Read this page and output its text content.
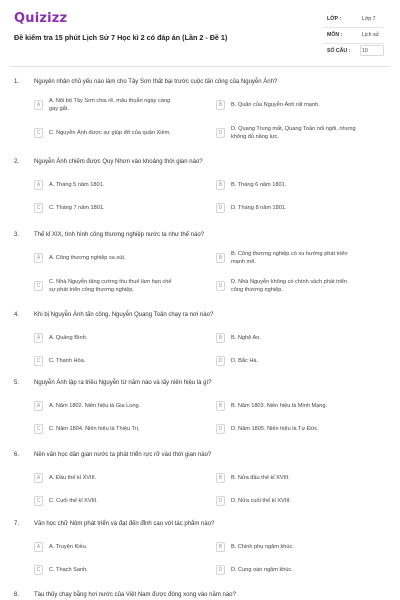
Quizizz
Đề kiểm tra 15 phút Lịch Sử 7 Học kì 2 có đáp án (Lần 2 - Đề 1)
LỚP :	Lớp 7
MÔN :	Lịch sử
SỐ CÂU : 10
1. Nguyên nhân chủ yếu nào làm cho Tây Sơn thất bại trước cuộc tấn công của Nguyễn Ánh?
A
A. Nội bộ Tây Sơn chia rẽ, mâu thuẫn ngày càng
gay gắt.
B	B. Quân của Nguyễn Ánh rất mạnh.
C	C. Nguyễn Ánh được sự giúp đỡ của quân Xiêm.	D
D. Quang Trung mất, Quang Toản nối ngôi, nhưng
không đủ năng lực.
2. Nguyễn Ánh chiếm được Quy Nhơn vào khoảng thời gian nào?
A	A. Tháng 5 năm 1801.	B	B. Tháng 6 năm 1801.
C	C. Tháng 7 năm 1801.	D	D. Tháng 8 năm 1801.
3. Thế kỉ XIX, tình hình công thương nghiệp nước ta như thế nào?
A	A. Công thương nghiệp sa sút.	B
B. Công thương nghiệp có xu hướng phát triển
mạnh mẽ.
C
C. Nhà Nguyễn tăng cường thu thuế làm hạn chế
sự phát triển công thương nghiệp.
D
D. Nhà Nguyễn không có chính sách phát triển
công thương nghiệp.
4. Khi bị Nguyễn Ánh tấn công, Nguyễn Quang Toản chạy ra nơi nào?
A	A. Quảng Bình.	B	B. Nghệ An.
C	C. Thanh Hóa.	D	D. Bắc Hà.
5. Nguyễn Ánh lập ra triều Nguyễn từ năm nào và lấy niên hiệu là gì?
A	A. Năm 1802. Niên hiệu là Gia Long.	B	B. Năm 1803. Niên hiệu là Minh Mạng.
C	C. Năm 1804. Niên hiệu là Thiệu Trị.	D	D. Năm 1805. Niên hiệu là Tự Đức.
6. Nền văn học dân gian nước ta phát triển rực rỡ vào thời gian nào?
A	A. Đầu thế kỉ XVIII.	B	B. Nửa đầu thế kỉ XVIII.
C	C. Cuối thế kỉ XVIII.	D	D. Nửa cuối thế kỉ XVIII.
7. Văn học chữ Nôm phát triển và đạt đến đỉnh cao với tác phẩm nào?
A	A. Truyện Kiều.	B	B. Chinh phụ ngâm khúc.
C	C. Thạch Sanh.	D	D. Cung oán ngâm khúc.
8. Tàu thủy chạy bằng hơi nước của Việt Nam được đóng xong vào năm nào?
